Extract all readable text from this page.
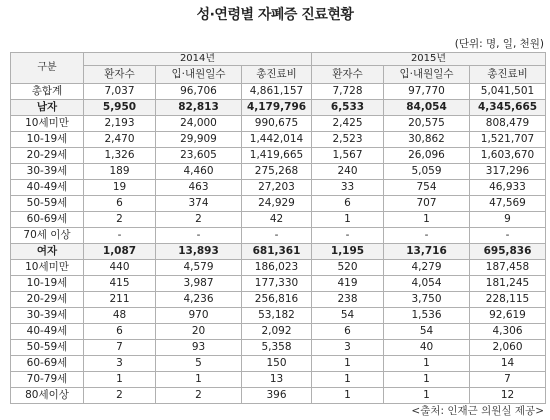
성·연령별 자폐증 진료현황
(단위: 명, 일, 천원)
구분	2014년			2015년		
	환자수	입·내원일수	총진료비	환자수	입·내원일수	총진료비
총합계	7,037	96,706	4,861,157	7,728	97,770	5,041,501
남자	5,950	82,813	4,179,796	6,533	84,054	4,345,665
10세미만	2,193	24,000	990,675	2,425	20,575	808,479
10-19세	2,470	29,909	1,442,014	2,523	30,862	1,521,707
20-29세	1,326	23,605	1,419,665	1,567	26,096	1,603,670
30-39세	189	4,460	275,268	240	5,059	317,296
40-49세	19	463	27,203	33	754	46,933
50-59세	6	374	24,929	6	707	47,569
60-69세	2	2	42	1	1	9
70세 이상	-	-	-	-	-	-
여자	1,087	13,893	681,361	1,195	13,716	695,836
10세미만	440	4,579	186,023	520	4,279	187,458
10-19세	415	3,987	177,330	419	4,054	181,245
20-29세	211	4,236	256,816	238	3,750	228,115
30-39세	48	970	53,182	54	1,536	92,619
40-49세	6	20	2,092	6	54	4,306
50-59세	7	93	5,358	3	40	2,060
60-69세	3	5	150	1	1	14
70-79세	1	1	13	1	1	7
80세이상	2	2	396	1	1	12
<출처: 인재근 의원실 제공>
